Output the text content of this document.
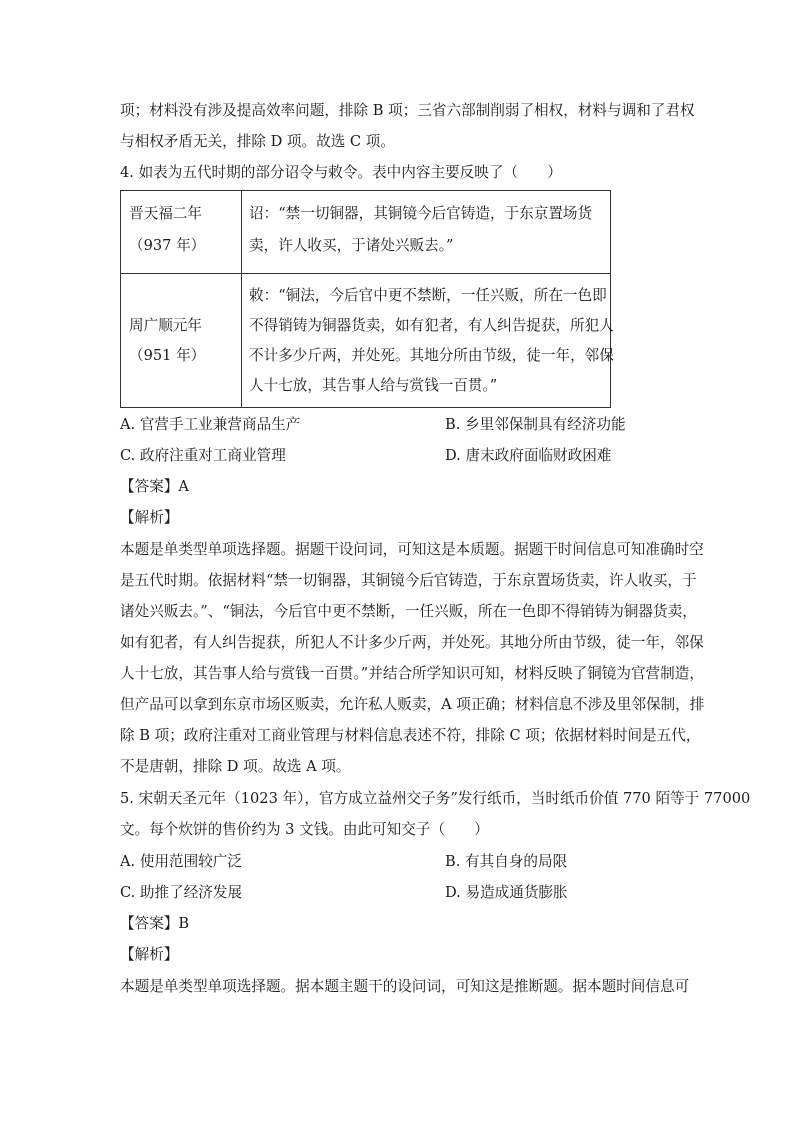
项；材料没有涉及提高效率问题，排除 B 项；三省六部制削弱了相权，材料与调和了君权
与相权矛盾无关，排除 D 项。故选 C 项。
4. 如表为五代时期的部分诏令与敕令。表中内容主要反映了（　　）
晋天福二年
（937 年）
诏：“禁一切铜器，其铜镜今后官铸造，于东京置场货
卖，许人收买，于诸处兴贩去。”
周广顺元年
（951 年）
敕：“铜法，今后官中更不禁断，一任兴贩，所在一色即
不得销铸为铜器货卖，如有犯者，有人纠告捉获，所犯人
不计多少斤两，并处死。其地分所由节级，徒一年，邻保
人十七放，其告事人给与赏钱一百贯。”
A. 官营手工业兼营商品生产	B. 乡里邻保制具有经济功能
C. 政府注重对工商业管理	D. 唐末政府面临财政困难
【答案】A
【解析】
本题是单类型单项选择题。据题干设问词，可知这是本质题。据题干时间信息可知准确时空
是五代时期。依据材料“禁一切铜器，其铜镜今后官铸造，于东京置场货卖，许人收买，于
诸处兴贩去。”、“铜法，今后官中更不禁断，一任兴贩，所在一色即不得销铸为铜器货卖，
如有犯者，有人纠告捉获，所犯人不计多少斤两，并处死。其地分所由节级，徒一年，邻保
人十七放，其告事人给与赏钱一百贯。”并结合所学知识可知，材料反映了铜镜为官营制造，
但产品可以拿到东京市场区贩卖，允许私人贩卖，A 项正确；材料信息不涉及里邻保制，排
除 B 项；政府注重对工商业管理与材料信息表述不符，排除 C 项；依据材料时间是五代，
不是唐朝，排除 D 项。故选 A 项。
5. 宋朝天圣元年（1023 年），官方成立益州交子务”发行纸币，当时纸币价值 770 陌等于 77000
文。每个炊饼的售价约为 3 文钱。由此可知交子（　　）
A. 使用范围较广泛	B. 有其自身的局限
C. 助推了经济发展	D. 易造成通货膨胀
【答案】B
【解析】
本题是单类型单项选择题。据本题主题干的设问词，可知这是推断题。据本题时间信息可
